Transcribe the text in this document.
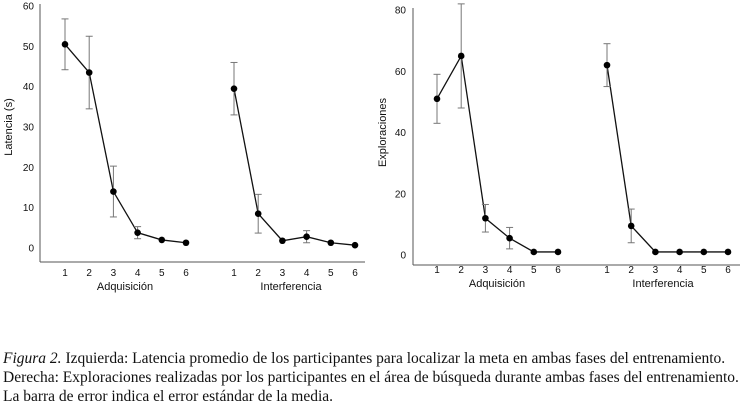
0
10
20
30
40
50
60
Latencia (s)
1 2 3 4 5 6
Adquisición
1 2 3 4 5 6
Interferencia
0
20
40
60
80
Exploraciones
1 2 3 4 5 6
Adquisición
1 2 3 4 5 6
Interferencia
Figura 2. Izquierda: Latencia promedio de los participantes para localizar la meta en ambas fases del entrenamiento. Derecha: Exploraciones realizadas por los participantes en el área de búsqueda durante ambas fases del entrenamiento. La barra de error indica el error estándar de la media.
